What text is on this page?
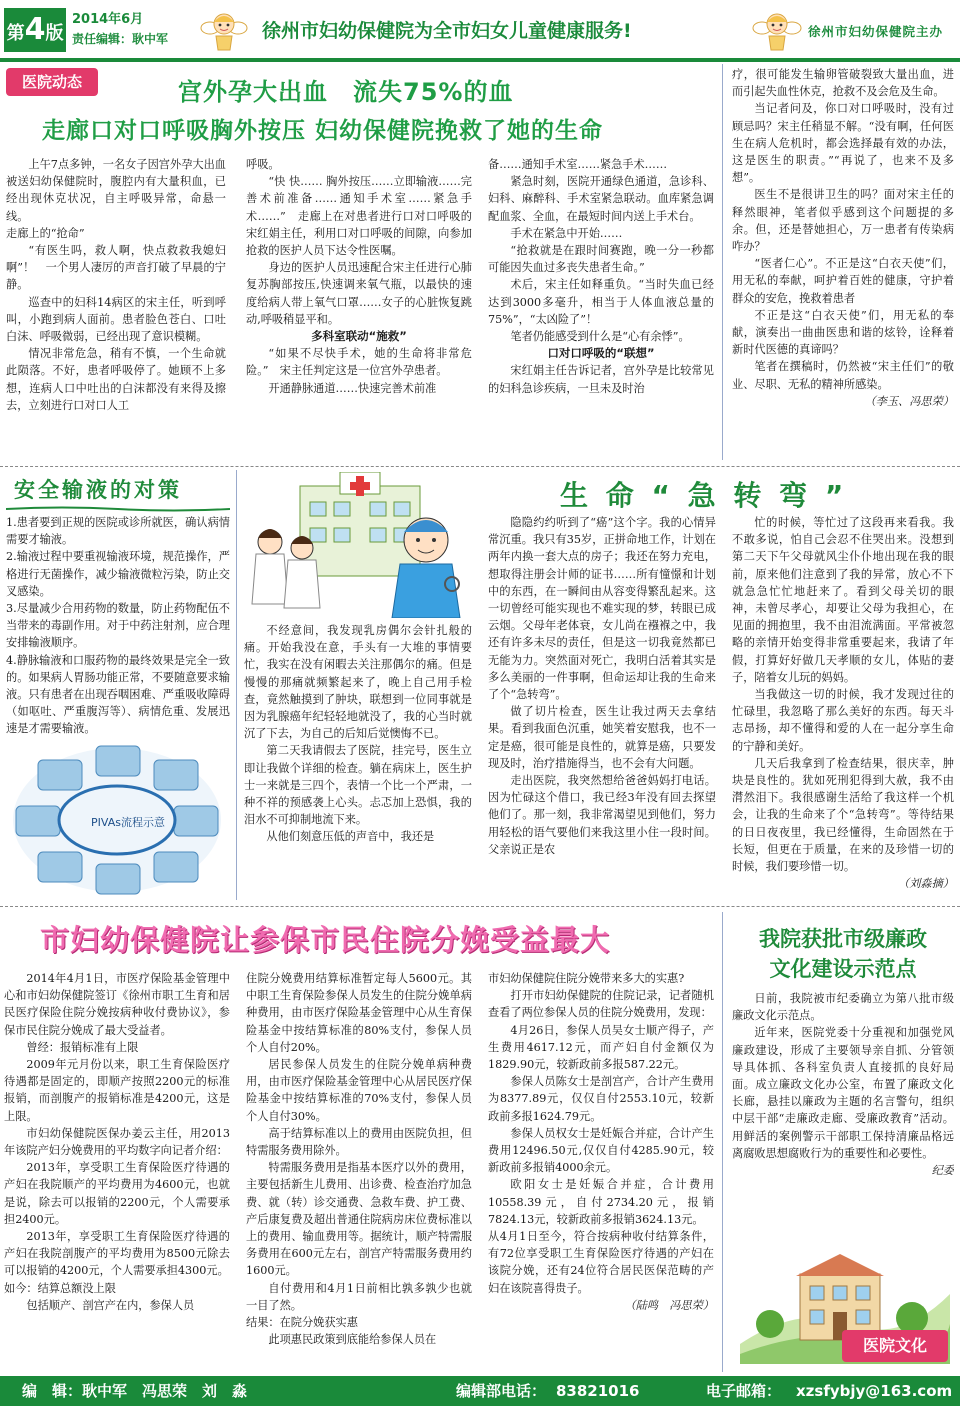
第4版
2014年6月
责任编辑：耿中军	徐州市妇幼保健院为全市妇女儿童健康服务!	徐州市妇幼保健院主办
医院动态	宫外孕大出血　流失75%的血
走廊口对口呼吸胸外按压 妇幼保健院挽救了她的生命

上午7点多钟，一名女子因宫外孕大出血被送妇幼保健院时，腹腔内有大量积血，已经出现休克状况，自主呼吸异常，命悬一线。

走廊上的“抢命”

“有医生吗，救人啊，快点救救我媳妇啊”！　一个男人凄厉的声音打破了早晨的宁静。

巡查中的妇科14病区的宋主任，听到呼叫，小跑到病人面前。患者脸色苍白、口吐白沫、呼吸微弱，已经出现了意识模糊。

情况非常危急，稍有不慎，一个生命就此陨落。不好，患者呼吸停了。她顾不上多想，连病人口中吐出的白沫都没有来得及擦去，立刻进行口对口人工

呼吸。

“快 快…… 胸外按压……立即输液……完善术前准备……通知手术室……紧急手术……”　走廊上在对患者进行口对口呼吸的宋红娟主任，利用口对口呼吸的间隙，向参加抢救的医护人员下达令性医嘱。

身边的医护人员迅速配合宋主任进行心肺复苏胸部按压,快速调来氧气瓶，以最快的速度给病人带上氧气口罩……女子的心脏恢复跳动,呼吸稍显平和。

多科室联动“施救”

“如果不尽快手术，她的生命将非常危险。”　宋主任判定这是一位宫外孕患者。

开通静脉通道……快速完善术前准

备……通知手术室……紧急手术……

紧急时刻，医院开通绿色通道，急诊科、妇科、麻醉科、手术室紧急联动。血库紧急调配血浆、全血，在最短时间内送上手术台。

手术在紧急中开始……

“抢救就是在跟时间赛跑，晚一分一秒都可能因失血过多丧失患者生命。”

术后，宋主任如释重负。“当时失血已经达到3000多毫升，相当于人体血液总量的75%”，“太凶险了”！

笔者仍能感受到什么是“心有余悸”。

口对口呼吸的“联想”

宋红娟主任告诉记者，宫外孕是比较常见的妇科急诊疾病，一旦未及时治

疗，很可能发生输卵管破裂致大量出血，进而引起失血性休克，抢救不及会危及生命。

当记者问及，你口对口呼吸时，没有过顾忌吗？宋主任稍显不解。“没有啊，任何医生在病人危机时，都会选择最有效的办法，这是医生的职责。”“再说了，也来不及多想”。

医生不是很讲卫生的吗？面对宋主任的释然眼神，笔者似乎感到这个问题提的多余。但，还是替她担心，万一患者有传染病咋办？

“医者仁心”。不正是这“白衣天使”们，用无私的奉献，呵护着百姓的健康，守护着群众的安危，挽救着患者

不正是这“白衣天使”们，用无私的奉献，演奏出一曲曲医患和谐的炫铃，诠释着新时代医德的真谛吗？

笔者在撰稿时，仍然被“宋主任们”的敬业、尽职、无私的精神所感染。

（李玉、冯思荣）

安全输液的对策
1.患者要到正规的医院或诊所就医，确认病情需要才输液。
2.输液过程中要重视输液环境，规范操作，严格进行无菌操作，减少输液微粒污染，防止交叉感染。
3.尽量减少合用药物的数量，防止药物配伍不当带来的毒副作用。对于中药注射剂，应合理安排输液顺序。
4.静脉输液和口服药物的最终效果是完全一致的。如果病人胃肠功能正常，不要随意要求输液。只有患者在出现吞咽困难、严重吸收障碍（如呕吐、严重腹泻等）、病情危重、发展迅速是才需要输液。
PIVAs流程示意
生 命 “ 急 转 弯 ”

不经意间，我发现乳房偶尔会针扎般的痛。开始我没在意，手头有一大堆的事情要忙，我实在没有闲暇去关注那偶尔的痛。但是慢慢的那痛就频繁起来了，晚上自己用手检查，竟然触摸到了肿块，联想到一位同事就是因为乳腺癌年纪轻轻地就没了，我的心当时就沉了下去，为自己的后知后觉懊悔不已。

第二天我请假去了医院，挂完号，医生立即让我做个详细的检查。躺在病床上，医生护士一来就是三四个，表情一个比一个严肃，一种不祥的预感袭上心头。忐忑加上恐惧，我的泪水不可抑制地流下来。

从他们刻意压低的声音中，我还是

隐隐约约听到了“癌”这个字。我的心情异常沉重。我只有35岁，正拼命地工作，计划在两年内换一套大点的房子；我还在努力充电，想取得注册会计师的证书……所有憧憬和计划中的东西，在一瞬间由从容变得繁乱起来。这一切曾经可能实现也不难实现的梦，转眼已成云烟。父母年老体衰，女儿尚在襁褓之中，我还有许多未尽的责任，但是这一切我竟然都已无能为力。突然面对死亡，我明白活着其实是多么美丽的一件事啊，但命运却让我的生命来了个“急转弯”。

做了切片检查，医生让我过两天去拿结果。看到我面色沉重，她笑着安慰我，也不一定是癌，很可能是良性的，就算是癌，只要发现及时，治疗措施得当，也不会有大问题。

走出医院，我突然想给爸爸妈妈打电话。因为忙碌这个借口，我已经3年没有回去探望他们了。那一刻，我非常渴望见到他们，努力用轻松的语气要他们来我这里小住一段时间。父亲说正是农

忙的时候，等忙过了这段再来看我。我不敢多说，怕自己会忍不住哭出来。没想到第二天下午父母就风尘仆仆地出现在我的眼前，原来他们注意到了我的异常，放心不下就急急忙忙地赶来了。看到父母关切的眼神，未曾尽孝心，却要让父母为我担心，在见面的拥抱里，我不由泪流满面。平常被忽略的亲情开始变得非常重要起来，我请了年假，打算好好做几天孝顺的女儿，体贴的妻子，陪着女儿玩的妈妈。

当我做这一切的时候，我才发现过往的忙碌里，我忽略了那么美好的东西。每天斗志昂扬，却不懂得和爱的人在一起分享生命的宁静和美好。

几天后我拿到了检查结果，很庆幸，肿块是良性的。犹如死刑犯得到大赦，我不由潸然泪下。我很感谢生活给了我这样一个机会，让我的生命来了个“急转弯”。等待结果的日日夜夜里，我已经懂得，生命固然在于长短，但更在于质量，在来的及珍惜一切的时候，我们要珍惜一切。

（刘淼摘）

市妇幼保健院让参保市民住院分娩受益最大

2014年4月1日，市医疗保险基金管理中心和市妇幼保健院签订《徐州市职工生育和居民医疗保险住院分娩按病种收付费协议》，参保市民住院分娩成了最大受益者。

曾经：报销标准有上限

2009年元月份以来，职工生育保险医疗待遇都是固定的，即顺产按照2200元的标准报销，而剖腹产的报销标准是4200元，这是上限。

市妇幼保健院医保办姜云主任，用2013年该院产妇分娩费用的平均数字向记者介绍：

2013年，享受职工生育保险医疗待遇的产妇在我院顺产的平均费用为4600元，也就是说，除去可以报销的2200元，个人需要承担2400元。

2013年，享受职工生育保险医疗待遇的产妇在我院剖腹产的平均费用为8500元除去可以报销的4200元，个人需要承担4300元。

如今：结算总额没上限

包括顺产、剖宫产在内，参保人员

住院分娩费用结算标准暂定每人5600元。其中职工生育保险参保人员发生的住院分娩单病种费用，由市医疗保险基金管理中心从生育保险基金中按结算标准的80%支付，参保人员个人自付20%。

居民参保人员发生的住院分娩单病种费用，由市医疗保险基金管理中心从居民医疗保险基金中按结算标准的70%支付，参保人员个人自付30%。

高于结算标准以上的费用由医院负担，但特需服务费用除外。

特需服务费用是指基本医疗以外的费用，主要包括新生儿费用、出诊费、检查治疗加急费、就（转）诊交通费、急救车费、护工费、产后康复费及超出普通住院病房床位费标准以上的费用、输血费用等。据统计，顺产特需服务费用在600元左右，剖宫产特需服务费用约1600元。

自付费用和4月1日前相比孰多孰少也就一目了然。

结果：在院分娩获实惠

此项惠民政策到底能给参保人员在

市妇幼保健院住院分娩带来多大的实惠?

打开市妇幼保健院的住院记录，记者随机查看了两位参保人员的住院分娩费用，发现：

4月26日，参保人员吴女士顺产得子，产生费用4617.12元，而产妇自付金额仅为1829.90元，较新政前多报587.22元。

参保人员陈女士是剖宫产，合计产生费用为8377.89元，仅仅自付2553.10元，较新政前多报1624.79元。

参保人员权女士是妊娠合并症，合计产生费用12496.50元,仅仅自付4285.90元，较新政前多报销4000余元。

欧阳女士是妊娠合并症，合计费用10558.39元，自付2734.20元，报销7824.13元，较新政前多报销3624.13元。

从4月1日至今，符合按病种收付结算条件，有72位享受职工生育保险医疗待遇的产妇在该院分娩，还有24位符合居民医保范畴的产妇在该院喜得贵子。

（陆鸣　冯思荣）

我院获批市级廉政
文化建设示范点

日前，我院被市纪委确立为第八批市级廉政文化示范点。

近年来，医院党委十分重视和加强党风廉政建设，形成了主要领导亲自抓、分管领导具体抓、各科室负责人直接抓的良好局面。成立廉政文化办公室，布置了廉政文化长廊，悬挂以廉政为主题的名言警句，组织中层干部“走廉政走廊、受廉政教育”活动。用鲜活的案例警示干部职工保持清廉品格远离腐败思想腐败行为的重要性和必要性。

纪委

医院文化
编　辑：耿中军　冯思荣　刘　淼	编辑部电话： 83821016	电子邮箱： xzsfybjy@163.com
